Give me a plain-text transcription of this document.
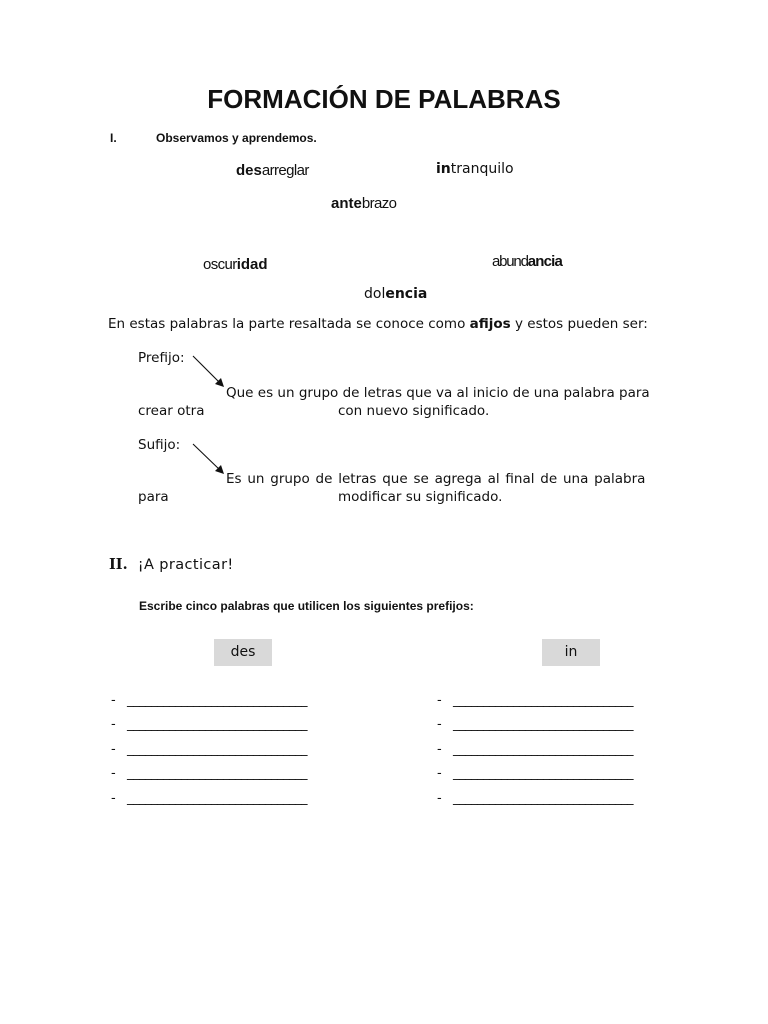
FORMACIÓN DE PALABRAS
I.	Observamos y aprendemos.
desarreglar	intranquilo
antebrazo
oscuridad	abundancia
dolencia
En estas palabras la parte resaltada se conoce como afijos y estos pueden ser:
Prefijo:
Que es un grupo de letras que va al inicio de una palabra para
crear otra	con nuevo significado.
Sufijo:
Es un grupo de letras que se agrega al final de una palabra
para	modificar su significado.
II. ¡A practicar!
Escribe cinco palabras que utilicen los siguientes prefijos:
des	in
- ______________________________
- ______________________________
- ______________________________
- ______________________________
- ______________________________
- ______________________________
- ______________________________
- ______________________________
- ______________________________
- ______________________________
